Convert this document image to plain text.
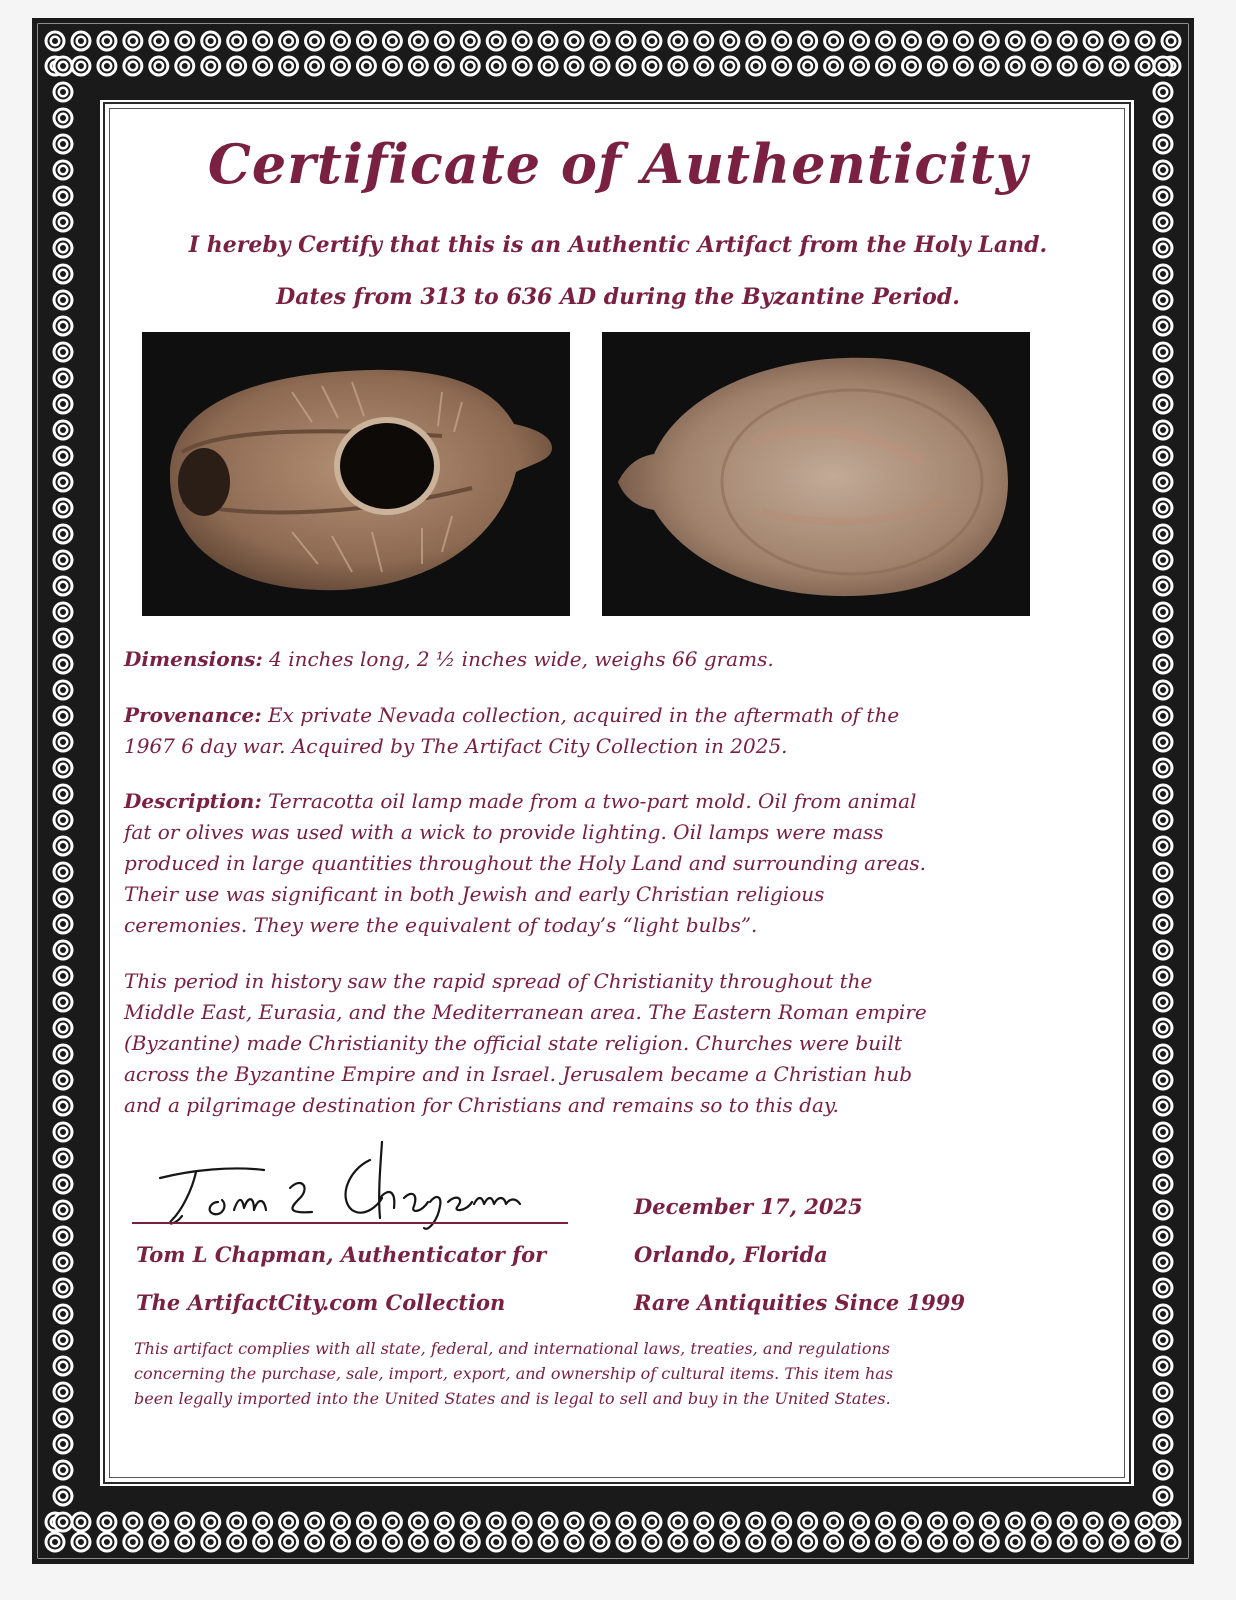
Certificate of Authenticity
I hereby Certify that this is an Authentic Artifact from the Holy Land.
Dates from 313 to 636 AD during the Byzantine Period.
Dimensions: 4 inches long, 2 ½ inches wide, weighs 66 grams.
Provenance: Ex private Nevada collection, acquired in the aftermath of the
1967 6 day war. Acquired by The Artifact City Collection in 2025.
Description: Terracotta oil lamp made from a two-part mold. Oil from animal
fat or olives was used with a wick to provide lighting. Oil lamps were mass
produced in large quantities throughout the Holy Land and surrounding areas.
Their use was significant in both Jewish and early Christian religious
ceremonies. They were the equivalent of today’s “light bulbs”.
This period in history saw the rapid spread of Christianity throughout the
Middle East, Eurasia, and the Mediterranean area. The Eastern Roman empire
(Byzantine) made Christianity the official state religion. Churches were built
across the Byzantine Empire and in Israel. Jerusalem became a Christian hub
and a pilgrimage destination for Christians and remains so to this day.
Tom L Chapman, Authenticator for
The ArtifactCity.com Collection
December 17, 2025
Orlando, Florida
Rare Antiquities Since 1999
This artifact complies with all state, federal, and international laws, treaties, and regulations
concerning the purchase, sale, import, export, and ownership of cultural items. This item has
been legally imported into the United States and is legal to sell and buy in the United States.
